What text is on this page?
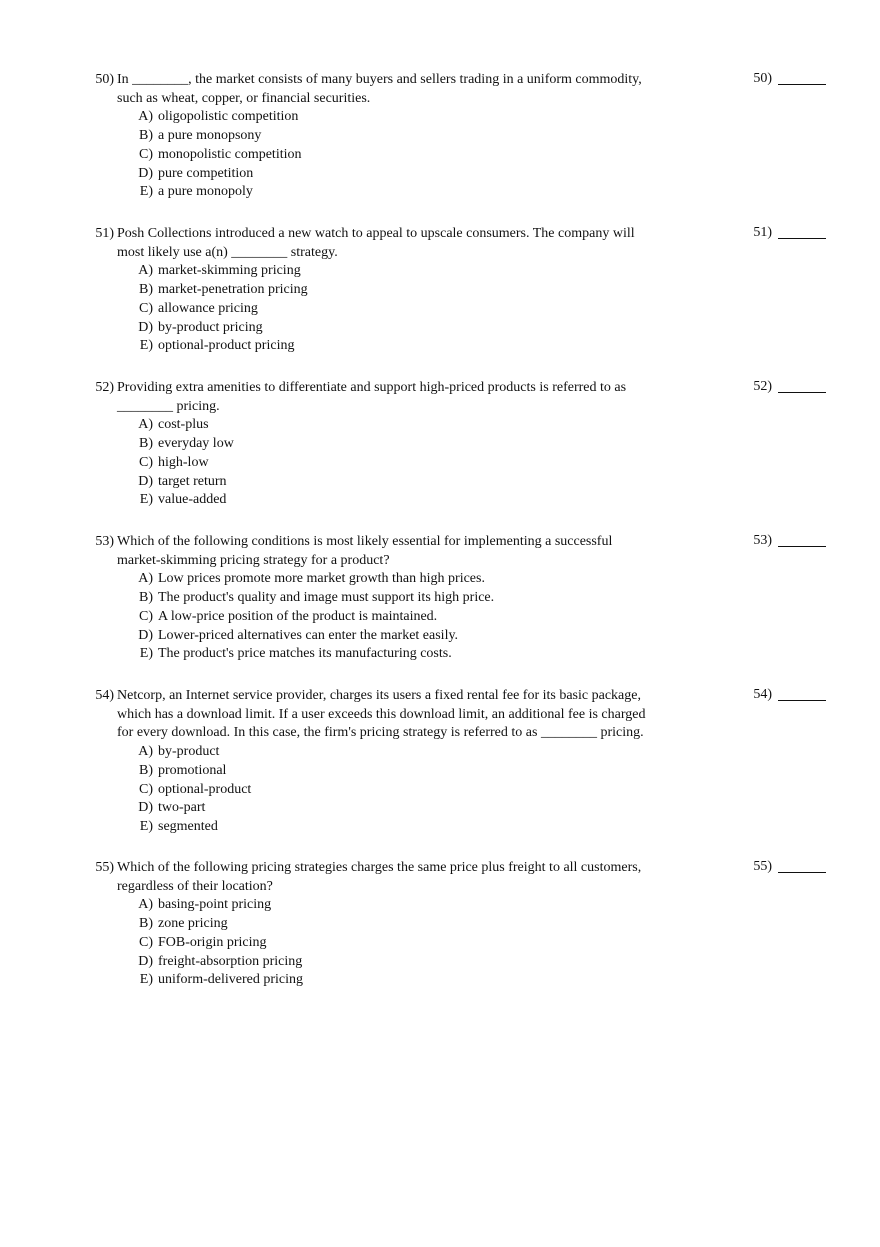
50) In ________, the market consists of many buyers and sellers trading in a uniform commodity,
such as wheat, copper, or financial securities.
A) oligopolistic competition
B) a pure monopsony
C) monopolistic competition
D) pure competition
E) a pure monopoly
50)
51) Posh Collections introduced a new watch to appeal to upscale consumers. The company will
most likely use a(n) ________ strategy.
A) market-skimming pricing
B) market-penetration pricing
C) allowance pricing
D) by-product pricing
E) optional-product pricing
51)
52) Providing extra amenities to differentiate and support high-priced products is referred to as
________ pricing.
A) cost-plus
B) everyday low
C) high-low
D) target return
E) value-added
52)
53) Which of the following conditions is most likely essential for implementing a successful
market-skimming pricing strategy for a product?
A) Low prices promote more market growth than high prices.
B) The product's quality and image must support its high price.
C) A low-price position of the product is maintained.
D) Lower-priced alternatives can enter the market easily.
E) The product's price matches its manufacturing costs.
53)
54) Netcorp, an Internet service provider, charges its users a fixed rental fee for its basic package,
which has a download limit. If a user exceeds this download limit, an additional fee is charged
for every download. In this case, the firm's pricing strategy is referred to as ________ pricing.
A) by-product
B) promotional
C) optional-product
D) two-part
E) segmented
54)
55) Which of the following pricing strategies charges the same price plus freight to all customers,
regardless of their location?
A) basing-point pricing
B) zone pricing
C) FOB-origin pricing
D) freight-absorption pricing
E) uniform-delivered pricing
55)
